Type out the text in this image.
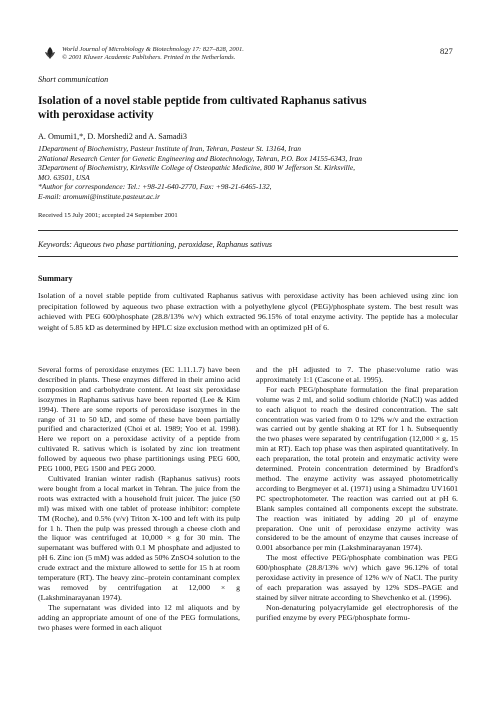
World Journal of Microbiology & Biotechnology 17: 827–828, 2001.
© 2001 Kluwer Academic Publishers. Printed in the Netherlands.
827
Short communication
Isolation of a novel stable peptide from cultivated Raphanus sativus
with peroxidase activity
A. Omumi1,*, D. Morshedi2 and A. Samadi3
1Department of Biochemistry, Pasteur Institute of Iran, Tehran, Pasteur St. 13164, Iran
2National Research Center for Genetic Engineering and Biotechnology, Tehran, P.O. Box 14155-6343, Iran
3Department of Biochemistry, Kirksville College of Osteopathic Medicine, 800 W Jefferson St. Kirksville,
MO. 63501, USA
*Author for correspondence: Tel.: +98-21-640-2770, Fax: +98-21-6465-132,
E-mail: aromumi@institute.pasteur.ac.ir
Received 15 July 2001; accepted 24 September 2001
Keywords: Aqueous two phase partitioning, peroxidase, Raphanus sativus
Summary
Isolation of a novel stable peptide from cultivated Raphanus sativus with peroxidase activity has been achieved using zinc ion precipitation followed by aqueous two phase extraction with a polyethylene glycol (PEG)/phosphate system. The best result was achieved with PEG 600/phosphate (28.8/13% w/v) which extracted 96.15% of total enzyme activity. The peptide has a molecular weight of 5.85 kD as determined by HPLC size exclusion method with an optimized pH of 6.

Several forms of peroxidase enzymes (EC 1.11.1.7) have been described in plants. These enzymes differed in their amino acid composition and carbohydrate content. At least six peroxidase isozymes in Raphanus sativus have been reported (Lee & Kim 1994). There are some reports of peroxidase isozymes in the range of 31 to 50 kD, and some of these have been partially purified and characterized (Choi et al. 1989; Yoo et al. 1998). Here we report on a peroxidase activity of a peptide from cultivated R. sativus which is isolated by zinc ion treatment followed by aqueous two phase partitionings using PEG 600, PEG 1000, PEG 1500 and PEG 2000.

Cultivated Iranian winter radish (Raphanus sativus) roots were bought from a local market in Tehran. The juice from the roots was extracted with a household fruit juicer. The juice (50 ml) was mixed with one tablet of protease inhibitor: complete TM (Roche), and 0.5% (v/v) Triton X-100 and left with its pulp for 1 h. Then the pulp was pressed through a cheese cloth and the liquor was centrifuged at 10,000 × g for 30 min. The supernatant was buffered with 0.1 M phosphate and adjusted to pH 6. Zinc ion (5 mM) was added as 50% ZnSO4 solution to the crude extract and the mixture allowed to settle for 15 h at room temperature (RT). The heavy zinc–protein contaminant complex was removed by centrifugation at 12,000 × g (Lakshminarayanan 1974).

The supernatant was divided into 12 ml aliquots and by adding an appropriate amount of one of the PEG formulations, two phases were formed in each aliquot

and the pH adjusted to 7. The phase:volume ratio was approximately 1:1 (Cascone et al. 1995).

For each PEG/phosphate formulation the final preparation volume was 2 ml, and solid sodium chloride (NaCl) was added to each aliquot to reach the desired concentration. The salt concentration was varied from 0 to 12% w/v and the extraction was carried out by gentle shaking at RT for 1 h. Subsequently the two phases were separated by centrifugation (12,000 × g, 15 min at RT). Each top phase was then aspirated quantitatively. In each preparation, the total protein and enzymatic activity were determined. Protein concentration determined by Bradford's method. The enzyme activity was assayed photometrically according to Bergmeyer et al. (1971) using a Shimadzu UV1601 PC spectrophotometer. The reaction was carried out at pH 6. Blank samples contained all components except the substrate. The reaction was initiated by adding 20 μl of enzyme preparation. One unit of peroxidase enzyme activity was considered to be the amount of enzyme that causes increase of 0.001 absorbance per min (Lakshminarayanan 1974).

The most effective PEG/phosphate combination was PEG 600/phosphate (28.8/13% w/v) which gave 96.12% of total peroxidase activity in presence of 12% w/v of NaCl. The purity of each preparation was assayed by 12% SDS–PAGE and stained by silver nitrate according to Shevchenko et al. (1996).

Non-denaturing polyacrylamide gel electrophoresis of the purified enzyme by every PEG/phosphate formu-
